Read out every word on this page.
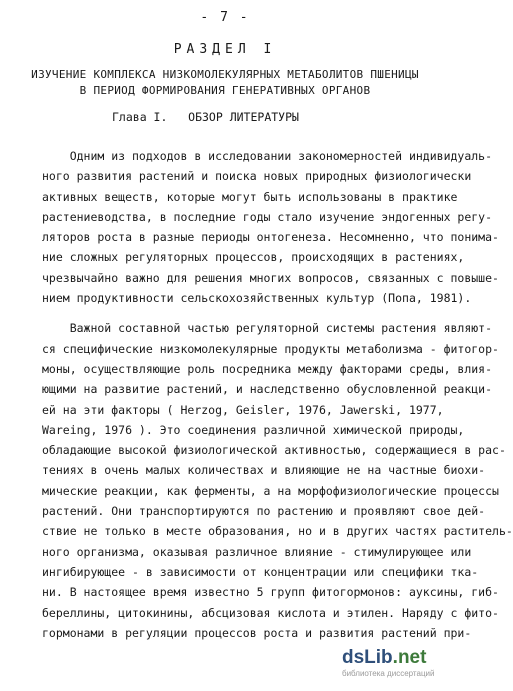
- 7 -
РАЗДЕЛ I
ИЗУЧЕНИЕ КОМПЛЕКСА НИЗКОМОЛЕКУЛЯРНЫХ МЕТАБОЛИТОВ ПШЕНИЦЫ
В ПЕРИОД ФОРМИРОВАНИЯ ГЕНЕРАТИВНЫХ ОРГАНОВ
Глава I.   ОБЗОР ЛИТЕРАТУРЫ
Одним из подходов в исследовании закономерностей индивидуаль-
ного развития растений и поиска новых природных физиологически
активных веществ, которые могут быть использованы в практике
растениеводства, в последние годы стало изучение эндогенных регу-
ляторов роста в разные периоды онтогенеза. Несомненно, что понима-
ние сложных регуляторных процессов, происходящих в растениях,
чрезвычайно важно для решения многих вопросов, связанных с повыше-
нием продуктивности сельскохозяйственных культур (Попа, 1981).
Важной составной частью регуляторной системы растения являют-
ся специфические низкомолекулярные продукты метаболизма - фитогор-
моны, осуществляющие роль посредника между факторами среды, влия-
ющими на развитие растений, и наследственно обусловленной реакци-
ей на эти факторы ( Herzog, Geisler, 1976, Jawerski, 1977,
Wareing, 1976 ). Это соединения различной химической природы,
обладающие высокой физиологической активностью, содержащиеся в рас-
тениях в очень малых количествах и влияющие не на частные биохи-
мические реакции, как ферменты, а на морфофизиологические процессы
растений. Они транспортируются по растению и проявляют свое дей-
ствие не только в месте образования, но и в других частях раститель-
ного организма, оказывая различное влияние - стимулирующее или
ингибирующее - в зависимости от концентрации или специфики тка-
ни. В настоящее время известно 5 групп фитогормонов: ауксины, гиб-
береллины, цитокинины, абсцизовая кислота и этилен. Наряду с фито-
гормонами в регуляции процессов роста и развития растений при-
dsLib.net
библиотека диссертаций
